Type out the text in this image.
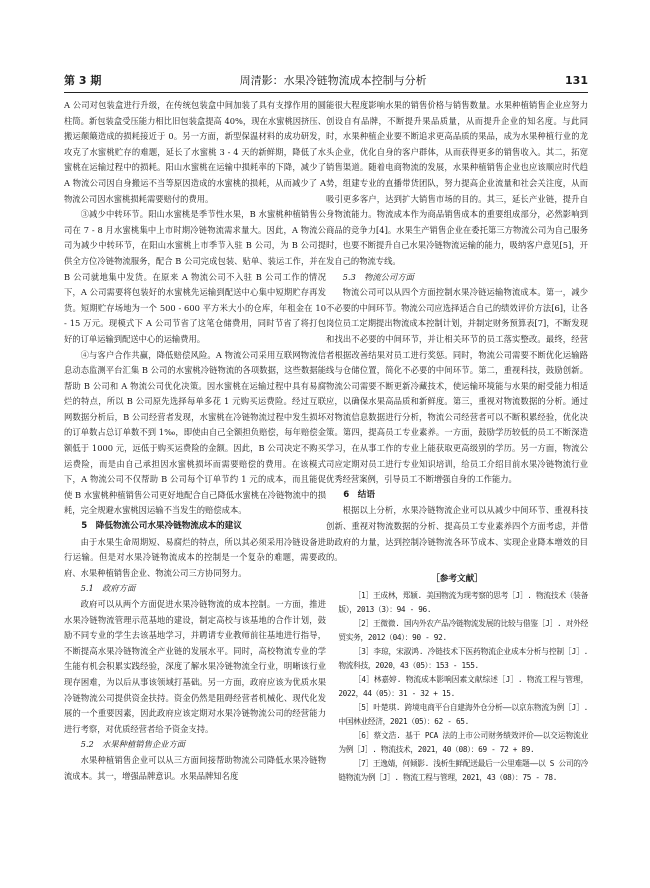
第 3 期	周清影：水果冷链物流成本控制与分析	131

A 公司对包装盒进行升级，在传统包装盒中间加装了具有支撑作用的圆柱筒。新包装盒受压能力相比旧包装盒提高 40%，现在水蜜桃因挤压、搬运颠簸造成的损耗接近于 0。另一方面，新型保温材料的成功研发，攻克了水蜜桃贮存的难题，延长了水蜜桃 3 - 4 天的新鲜期，降低了水蜜桃在运输过程中的损耗。阳山水蜜桃在运输中损耗率的下降，减少了 A 物流公司因自身搬运不当等原因造成的水蜜桃的损耗，从而减少了 A 物流公司因水蜜桃损耗需要赔付的费用。

③减少中转环节。阳山水蜜桃是季节性水果，B 水蜜桃种植销售公司在 7 - 8 月水蜜桃集中上市时期冷链物流需求量大。因此，A 物流公司为减少中转环节，在阳山水蜜桃上市季节入驻 B 公司，为 B 公司提供全方位冷链物流服务，配合 B 公司完成包装、贴单、装运工作，并在 B 公司就地集中发货。在原来 A 物流公司不入驻 B 公司工作的情况下，A 公司需要将包装好的水蜜桃先运输到配送中心集中短期贮存再发货。短期贮存场地为一个 500 - 600 平方米大小的仓库，年租金在 10 - 15 万元。现模式下 A 公司节省了这笔仓储费用，同时节省了将打包好的订单运输到配送中心的运输费用。

④与客户合作共赢，降低赔偿风险。A 物流公司采用互联网物流信息动态监测平台汇集 B 公司的水蜜桃冷链物流的各项数据，这些数据能帮助 B 公司和 A 物流公司优化决策。因水蜜桃在运输过程中具有易腐烂的特点，所以 B 公司原先选择每单多花 1 元购买运费险。经过互联网数据分析后，B 公司经营者发现，水蜜桃在冷链物流过程中发生损坏的订单数占总订单数不到 1‰，即使由自己全额担负赔偿，每年赔偿金额低于 1000 元，远低于购买运费险的金额。因此，B 公司决定不购买运费险，而是由自己承担因水蜜桃损坏而需要赔偿的费用。在该模式下，A 物流公司不仅帮助 B 公司每个订单节约 1 元的成本，而且能促使 B 水蜜桃种植销售公司更好地配合自己降低水蜜桃在冷链物流中的损耗，完全规避水蜜桃因运输不当发生的赔偿成本。

5　降低物流公司水果冷链物流成本的建议

由于水果生命周期短、易腐烂的特点，所以其必须采用冷链设备进行运输。但是对水果冷链物流成本的控制是一个复杂的难题，需要政府、水果种植销售企业、物流公司三方协同努力。

5.1　政府方面

政府可以从两个方面促进水果冷链物流的成本控制。一方面，推进水果冷链物流管理示范基地的建设，制定高校与该基地的合作计划，鼓励不同专业的学生去该基地学习，并聘请专业教师前往基地进行指导，不断提高水果冷链物流全产业链的发展水平。同时，高校物流专业的学生能有机会积累实践经验，深度了解水果冷链物流全行业，明晰该行业现存困难，为以后从事该领域打基础。另一方面，政府应该为优质水果冷链物流公司提供资金扶持。资金仍然是阻碍经营者机械化、现代化发展的一个重要因素，因此政府应该定期对水果冷链物流公司的经营能力进行考察，对优质经营者给予资金支持。

5.2　水果种植销售企业方面

水果种植销售企业可以从三方面间接帮助物流公司降低水果冷链物流成本。其一，增强品牌意识。水果品牌知名度

能很大程度影响水果的销售价格与销售数量。水果种植销售企业应努力创设自有品牌，不断提升果品质量，从而提升企业的知名度。与此同时，水果种植企业要不断追求更高品质的果品，成为水果种植行业的龙头企业，优化自身的客户群体，从而获得更多的销售收入。其二，拓宽销售渠道。随着电商物流的发展，水果种植销售企业也应该顺应时代趋势，组建专业的直播带货团队，努力提高企业流量和社会关注度，从而吸引更多客户，达到扩大销售市场的目的。其三，延长产业链，提升自身物流能力。物流成本作为商品销售成本的重要组成部分，必然影响到商品的竞争力[4]。水果生产销售企业在委托第三方物流公司为自己服务时，也要不断提升自己水果冷链物流运输的能力，吸纳客户意见[5]，开发自己的物流专线。

5.3　物流公司方面

物流公司可以从四个方面控制水果冷链运输物流成本。第一，减少不必要的中间环节。物流公司应选择适合自己的绩效评价方法[6]，让各岗位员工定期提出物流成本控制计划，并制定财务预算表[7]，不断发现和找出不必要的中间环节，并让相关环节的员工落实整改。最终，经营者根据改善结果对员工进行奖惩。同时，物流公司需要不断优化运输路线与仓储位置，简化不必要的中间环节。第二，重视科技，鼓励创新。物流公司需要不断更新冷藏技术，使运输环境能与水果的耐受能力相适应，以确保水果高品质和新鲜度。第三，重视对物流数据的分析。通过对物流信息数据进行分析，物流公司经营者可以不断积累经验，优化决策。第四，提高员工专业素养。一方面，鼓励学历较低的员工不断深造学习，在从事工作的专业上能获取更高级别的学历。另一方面，物流公司应定期对员工进行专业知识培训，给员工介绍目前水果冷链物流行业优秀经营案例，引导员工不断增强自身的工作能力。

6　结语

根据以上分析，水果冷链物流企业可以从减少中间环节、重视科技创新、重视对物流数据的分析、提高员工专业素养四个方面考虑，并借助政府的力量，达到控制冷链物流各环节成本、实现企业降本增效的目的。

［参考文献］

［1］王成林，郑颖. 美国物流为现考察的思考［J］. 物流技术（装备版），2013（3）：94 - 96.

［2］王微微. 国内外农产品冷链物流发展的比较与借鉴［J］. 对外经贸实务，2012（04）：90 - 92.

［3］李琼，宋淑鸿. 冷链技术下医药物流企业成本分析与控制［J］. 物流科技，2020，43（05）：153 - 155.

［4］林嘉婷. 物流成本影响因素文献综述［J］. 物流工程与管理，2022，44（05）：31 - 32 + 15.

［5］叶楚琪. 跨境电商平台自建海外仓分析——以京东物流为例［J］. 中国林业经济，2021（05）：62 - 65.

［6］蔡文浩. 基于 PCA 法的上市公司财务绩效评价——以交运物流业为例［J］. 物流技术，2021，40（08）：69 - 72 + 89.

［7］王逸婧，何倾影. 浅析生鲜配送最后一公里难题——以 S 公司的冷链物流为例［J］. 物流工程与管理，2021，43（08）：75 - 78.
